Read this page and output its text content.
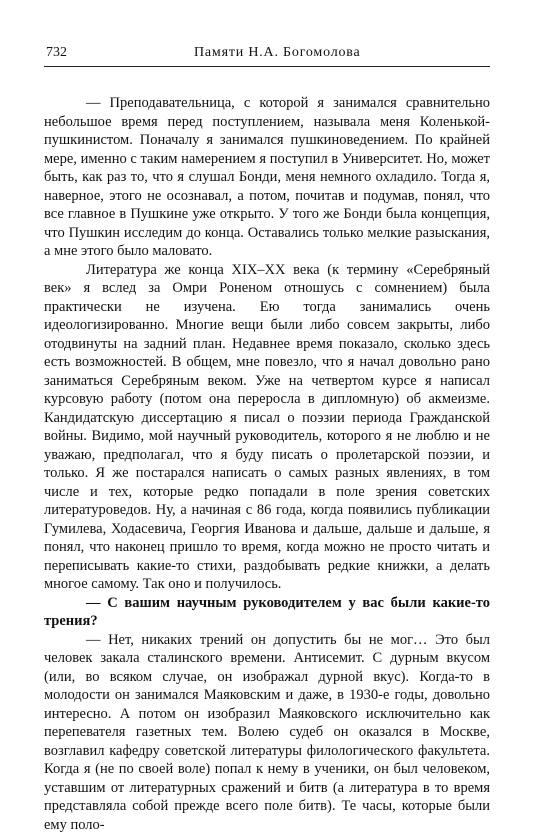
732	Памяти Н.А. Богомолова

— Преподавательница, с которой я занимался сравнительно небольшое время перед поступлением, называла меня Коленькой-пушкинистом. Поначалу я занимался пушкиноведением. По крайней мере, именно с таким намерением я поступил в Университет. Но, может быть, как раз то, что я слушал Бонди, меня немного охладило. Тогда я, наверное, этого не осознавал, а потом, почитав и подумав, понял, что все главное в Пушкине уже открыто. У того же Бонди была концепция, что Пушкин исследим до конца. Оставались только мелкие разыскания, а мне этого было маловато.

Литература же конца XIX–XX века (к термину «Серебряный век» я вслед за Омри Роненом отношусь с сомнением) была практически не изучена. Ею тогда занимались очень идеологизированно. Многие вещи были либо совсем закрыты, либо отодвинуты на задний план. Недавнее время показало, сколько здесь есть возможностей. В общем, мне повезло, что я начал довольно рано заниматься Серебряным веком. Уже на четвертом курсе я написал курсовую работу (потом она переросла в дипломную) об акмеизме. Кандидатскую диссертацию я писал о поэзии периода Гражданской войны. Видимо, мой научный руководитель, которого я не люблю и не уважаю, предполагал, что я буду писать о пролетарской поэзии, и только. Я же постарался написать о самых разных явлениях, в том числе и тех, которые редко попадали в поле зрения советских литературоведов. Ну, а начиная с 86 года, когда появились публикации Гумилева, Ходасевича, Георгия Иванова и дальше, дальше и дальше, я понял, что наконец пришло то время, когда можно не просто читать и переписывать какие-то стихи, раздобывать редкие книжки, а делать многое самому. Так оно и получилось.

— С вашим научным руководителем у вас были какие-то трения?

— Нет, никаких трений он допустить бы не мог… Это был человек закала сталинского времени. Антисемит. С дурным вкусом (или, во всяком случае, он изображал дурной вкус). Когда-то в молодости он занимался Маяковским и даже, в 1930-е годы, довольно интересно. А потом он изобразил Маяковского исключительно как перепевателя газетных тем. Волею судеб он оказался в Москве, возглавил кафедру советской литературы филологического факультета. Когда я (не по своей воле) попал к нему в ученики, он был человеком, уставшим от литературных сражений и битв (а литература в то время представляла собой прежде всего поле битв). Те часы, которые были ему поло-
